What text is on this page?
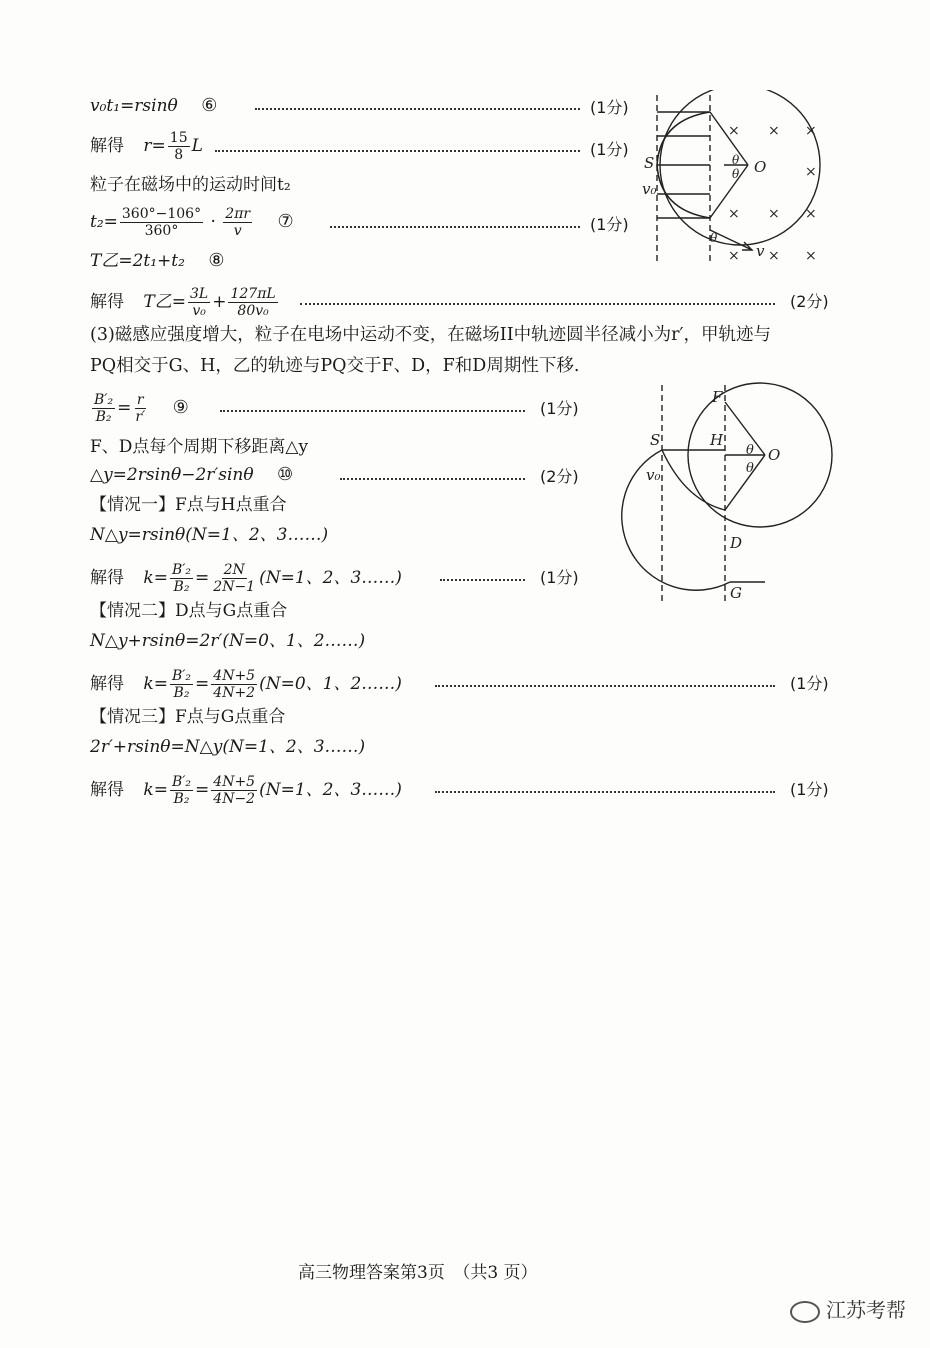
v₀t₁=rsinθ ⑥	(1分)
解得 $r= \frac{15}{8}$ L	(1分)
粒子在磁场中的运动时间t₂
$t_2= \frac{360^\circ-106^\circ}{360^\circ} \cdot \frac{2\pi r}{v}$ ⑦	(1分)
T乙=2t₁+t₂ ⑧
解得 T乙= $\frac{3L}{\text{v₀}} + \frac{127\pi L}{\text{80v₀}}$	(2分)
(3)磁感应强度增大，粒子在电场中运动不变，在磁场II中轨迹圆半径减小为r′，甲轨迹与
PQ相交于G、H，乙的轨迹与PQ交于F、D，F和D周期性下移.
$\frac{\text{B′₂}}{\text{B₂}} = \frac{r}{r'}$ ⑨	(1分)
F、D点每个周期下移距离△y
△y=2rsinθ−2r′sinθ ⑩	(2分)
【情况一】F点与H点重合
N△y=rsinθ(N=1、2、3……)
解得 $k= \frac{\text{B′₂}}{\text{B₂}} = \frac{2N}{2N-1} (N=1$、2、3……)	(1分)
【情况二】D点与G点重合
N△y+rsinθ=2r′(N=0、1、2……)
解得 $k= \frac{\text{B′₂}}{\text{B₂}} = \frac{4N+5}{4N+2} (N=0$、1、2……)	(1分)
【情况三】F点与G点重合
2r′+rsinθ=N△y(N=1、2、3……)
解得 $k= \frac{\text{B′₂}}{\text{B₂}} = \frac{4N+5}{4N-2} (N=1$、2、3……)	(1分)
S
v₀
O
θ
θ
θ
v
× × ×
×
× × ×
× × ×
F
S	H
O
θ
θ
v₀
D
G
高三物理答案第3页　（共3 页）
江苏考帮
